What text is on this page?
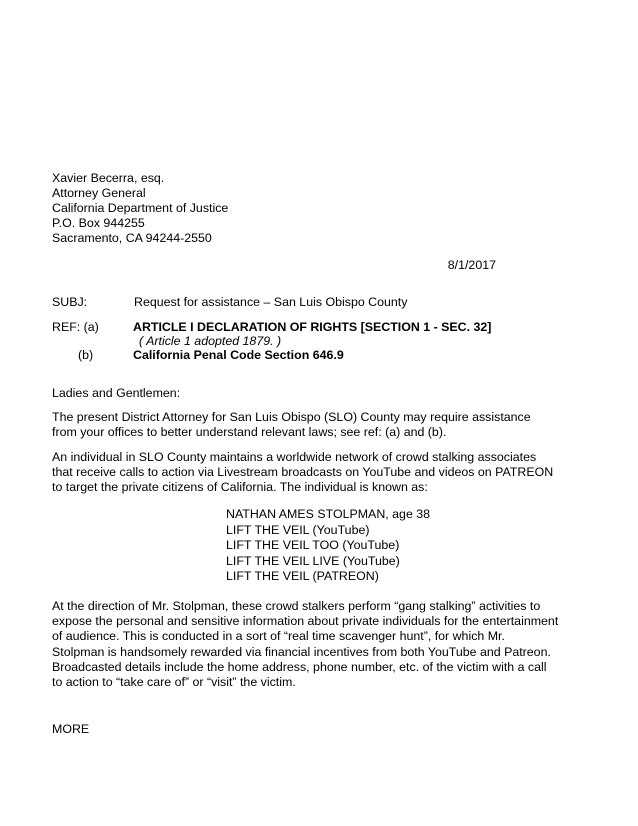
Xavier Becerra, esq.
Attorney General
California Department of Justice
P.O. Box 944255
Sacramento, CA 94244-2550
8/1/2017
SUBJ:	Request for assistance – San Luis Obispo County
REF: (a)	ARTICLE I DECLARATION OF RIGHTS [SECTION 1 - SEC. 32]
( Article 1 adopted 1879. )
(b)	California Penal Code Section 646.9
Ladies and Gentlemen:
The present District Attorney for San Luis Obispo (SLO) County may require assistance
from your offices to better understand relevant laws; see ref: (a) and (b).
An individual in SLO County maintains a worldwide network of crowd stalking associates
that receive calls to action via Livestream broadcasts on YouTube and videos on PATREON
to target the private citizens of California. The individual is known as:
NATHAN AMES STOLPMAN, age 38
LIFT THE VEIL (YouTube)
LIFT THE VEIL TOO (YouTube)
LIFT THE VEIL LIVE (YouTube)
LIFT THE VEIL (PATREON)
At the direction of Mr. Stolpman, these crowd stalkers perform “gang stalking” activities to
expose the personal and sensitive information about private individuals for the entertainment
of audience. This is conducted in a sort of “real time scavenger hunt”, for which Mr.
Stolpman is handsomely rewarded via financial incentives from both YouTube and Patreon.
Broadcasted details include the home address, phone number, etc. of the victim with a call
to action to “take care of” or “visit” the victim.
MORE
